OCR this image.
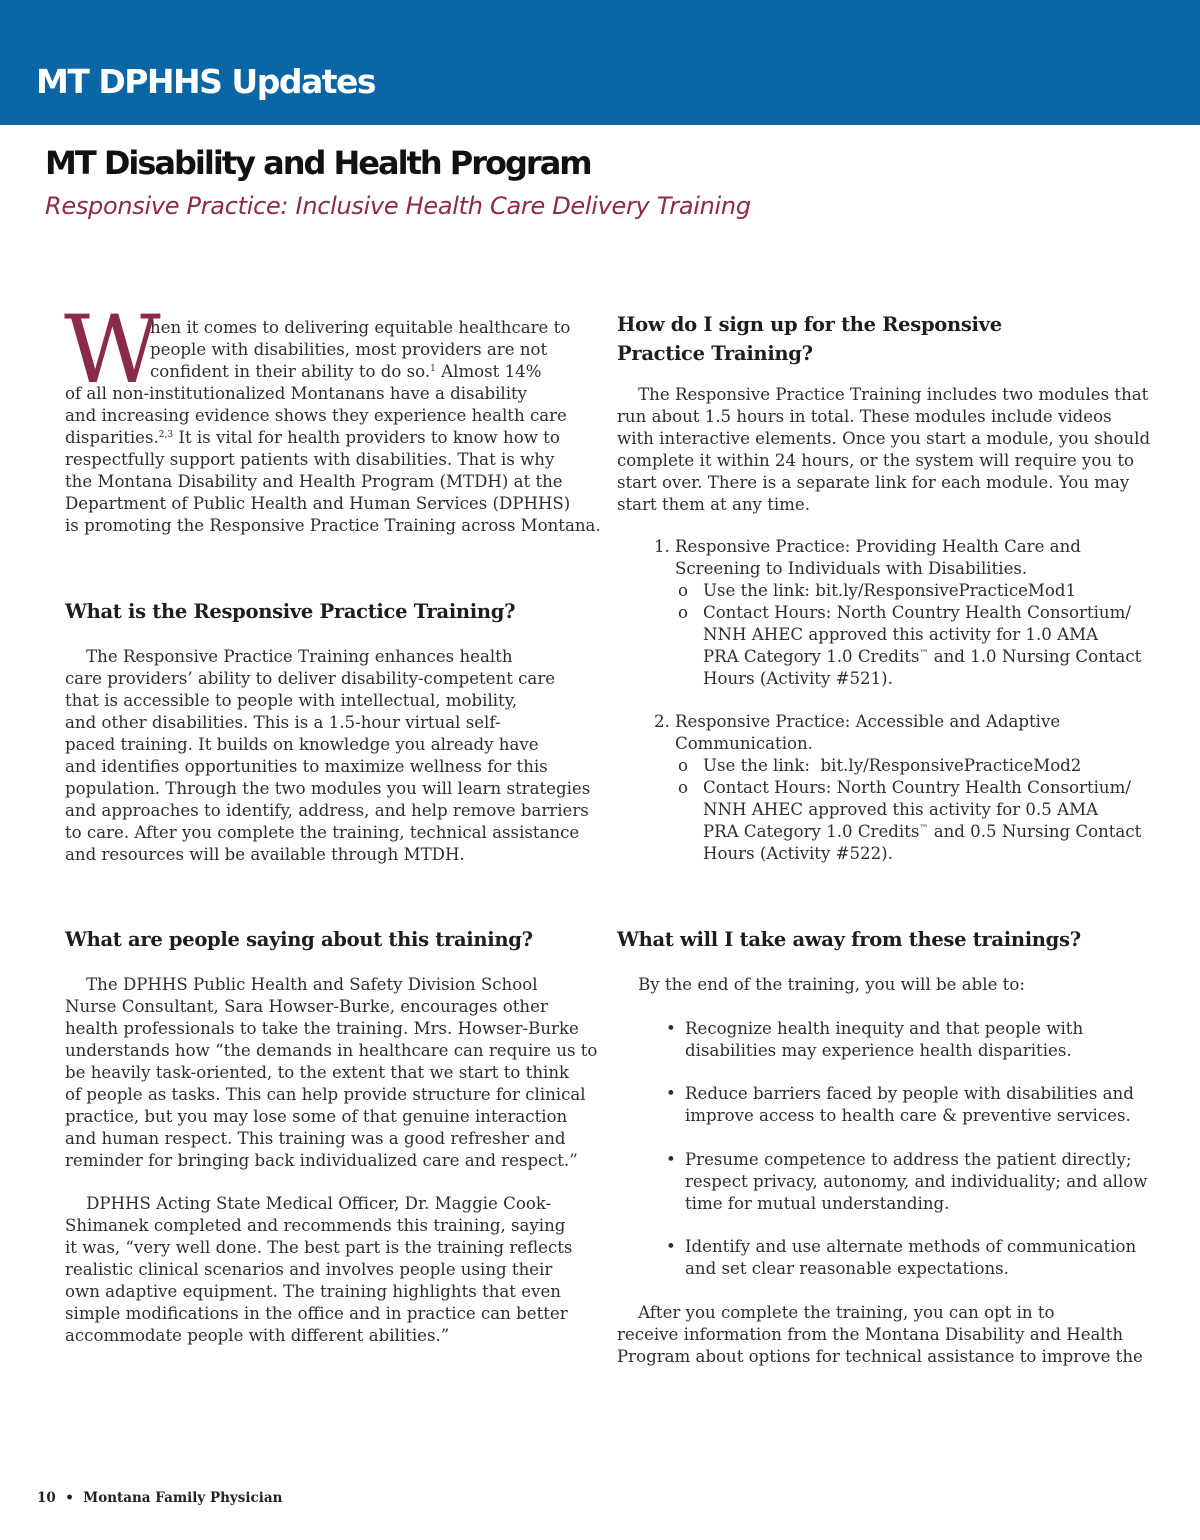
MT DPHHS Updates
MT Disability and Health Program
Responsive Practice: Inclusive Health Care Delivery Training
W
hen it comes to delivering equitable healthcare to
people with disabilities, most providers are not
confident in their ability to do so.$^1$ Almost 14%
of all non-institutionalized Montanans have a disability
and increasing evidence shows they experience health care
disparities.$^{2,3}$ It is vital for health providers to know how to
respectfully support patients with disabilities. That is why
the Montana Disability and Health Program (MTDH) at the
Department of Public Health and Human Services (DPHHS)
is promoting the Responsive Practice Training across Montana.
What is the Responsive Practice Training?
The Responsive Practice Training enhances health
care providers’ ability to deliver disability-competent care
that is accessible to people with intellectual, mobility,
and other disabilities. This is a 1.5-hour virtual self-
paced training. It builds on knowledge you already have
and identifies opportunities to maximize wellness for this
population. Through the two modules you will learn strategies
and approaches to identify, address, and help remove barriers
to care. After you complete the training, technical assistance
and resources will be available through MTDH.
What are people saying about this training?
The DPHHS Public Health and Safety Division School
Nurse Consultant, Sara Howser-Burke, encourages other
health professionals to take the training. Mrs. Howser-Burke
understands how “the demands in healthcare can require us to
be heavily task-oriented, to the extent that we start to think
of people as tasks. This can help provide structure for clinical
practice, but you may lose some of that genuine interaction
and human respect. This training was a good refresher and
reminder for bringing back individualized care and respect.”
DPHHS Acting State Medical Officer, Dr. Maggie Cook-
Shimanek completed and recommends this training, saying
it was, “very well done. The best part is the training reflects
realistic clinical scenarios and involves people using their
own adaptive equipment. The training highlights that even
simple modifications in the office and in practice can better
accommodate people with different abilities.”
How do I sign up for the Responsive
Practice Training?
The Responsive Practice Training includes two modules that
run about 1.5 hours in total. These modules include videos
with interactive elements. Once you start a module, you should
complete it within 24 hours, or the system will require you to
start over. There is a separate link for each module. You may
start them at any time.
1. Responsive Practice: Providing Health Care and
Screening to Individuals with Disabilities.
o Use the link: bit.ly/ResponsivePracticeMod1
o Contact Hours: North Country Health Consortium/
NNH AHEC approved this activity for 1.0 AMA
PRA Category 1.0 Credits™ and 1.0 Nursing Contact
Hours (Activity #521).
2. Responsive Practice: Accessible and Adaptive
Communication.
o Use the link:  bit.ly/ResponsivePracticeMod2
o Contact Hours: North Country Health Consortium/
NNH AHEC approved this activity for 0.5 AMA
PRA Category 1.0 Credits™ and 0.5 Nursing Contact
Hours (Activity #522).
What will I take away from these trainings?
By the end of the training, you will be able to:
• Recognize health inequity and that people with
disabilities may experience health disparities.
• Reduce barriers faced by people with disabilities and
improve access to health care & preventive services.
• Presume competence to address the patient directly;
respect privacy, autonomy, and individuality; and allow
time for mutual understanding.
• Identify and use alternate methods of communication
and set clear reasonable expectations.
After you complete the training, you can opt in to
receive information from the Montana Disability and Health
Program about options for technical assistance to improve the
10 • Montana Family Physician
